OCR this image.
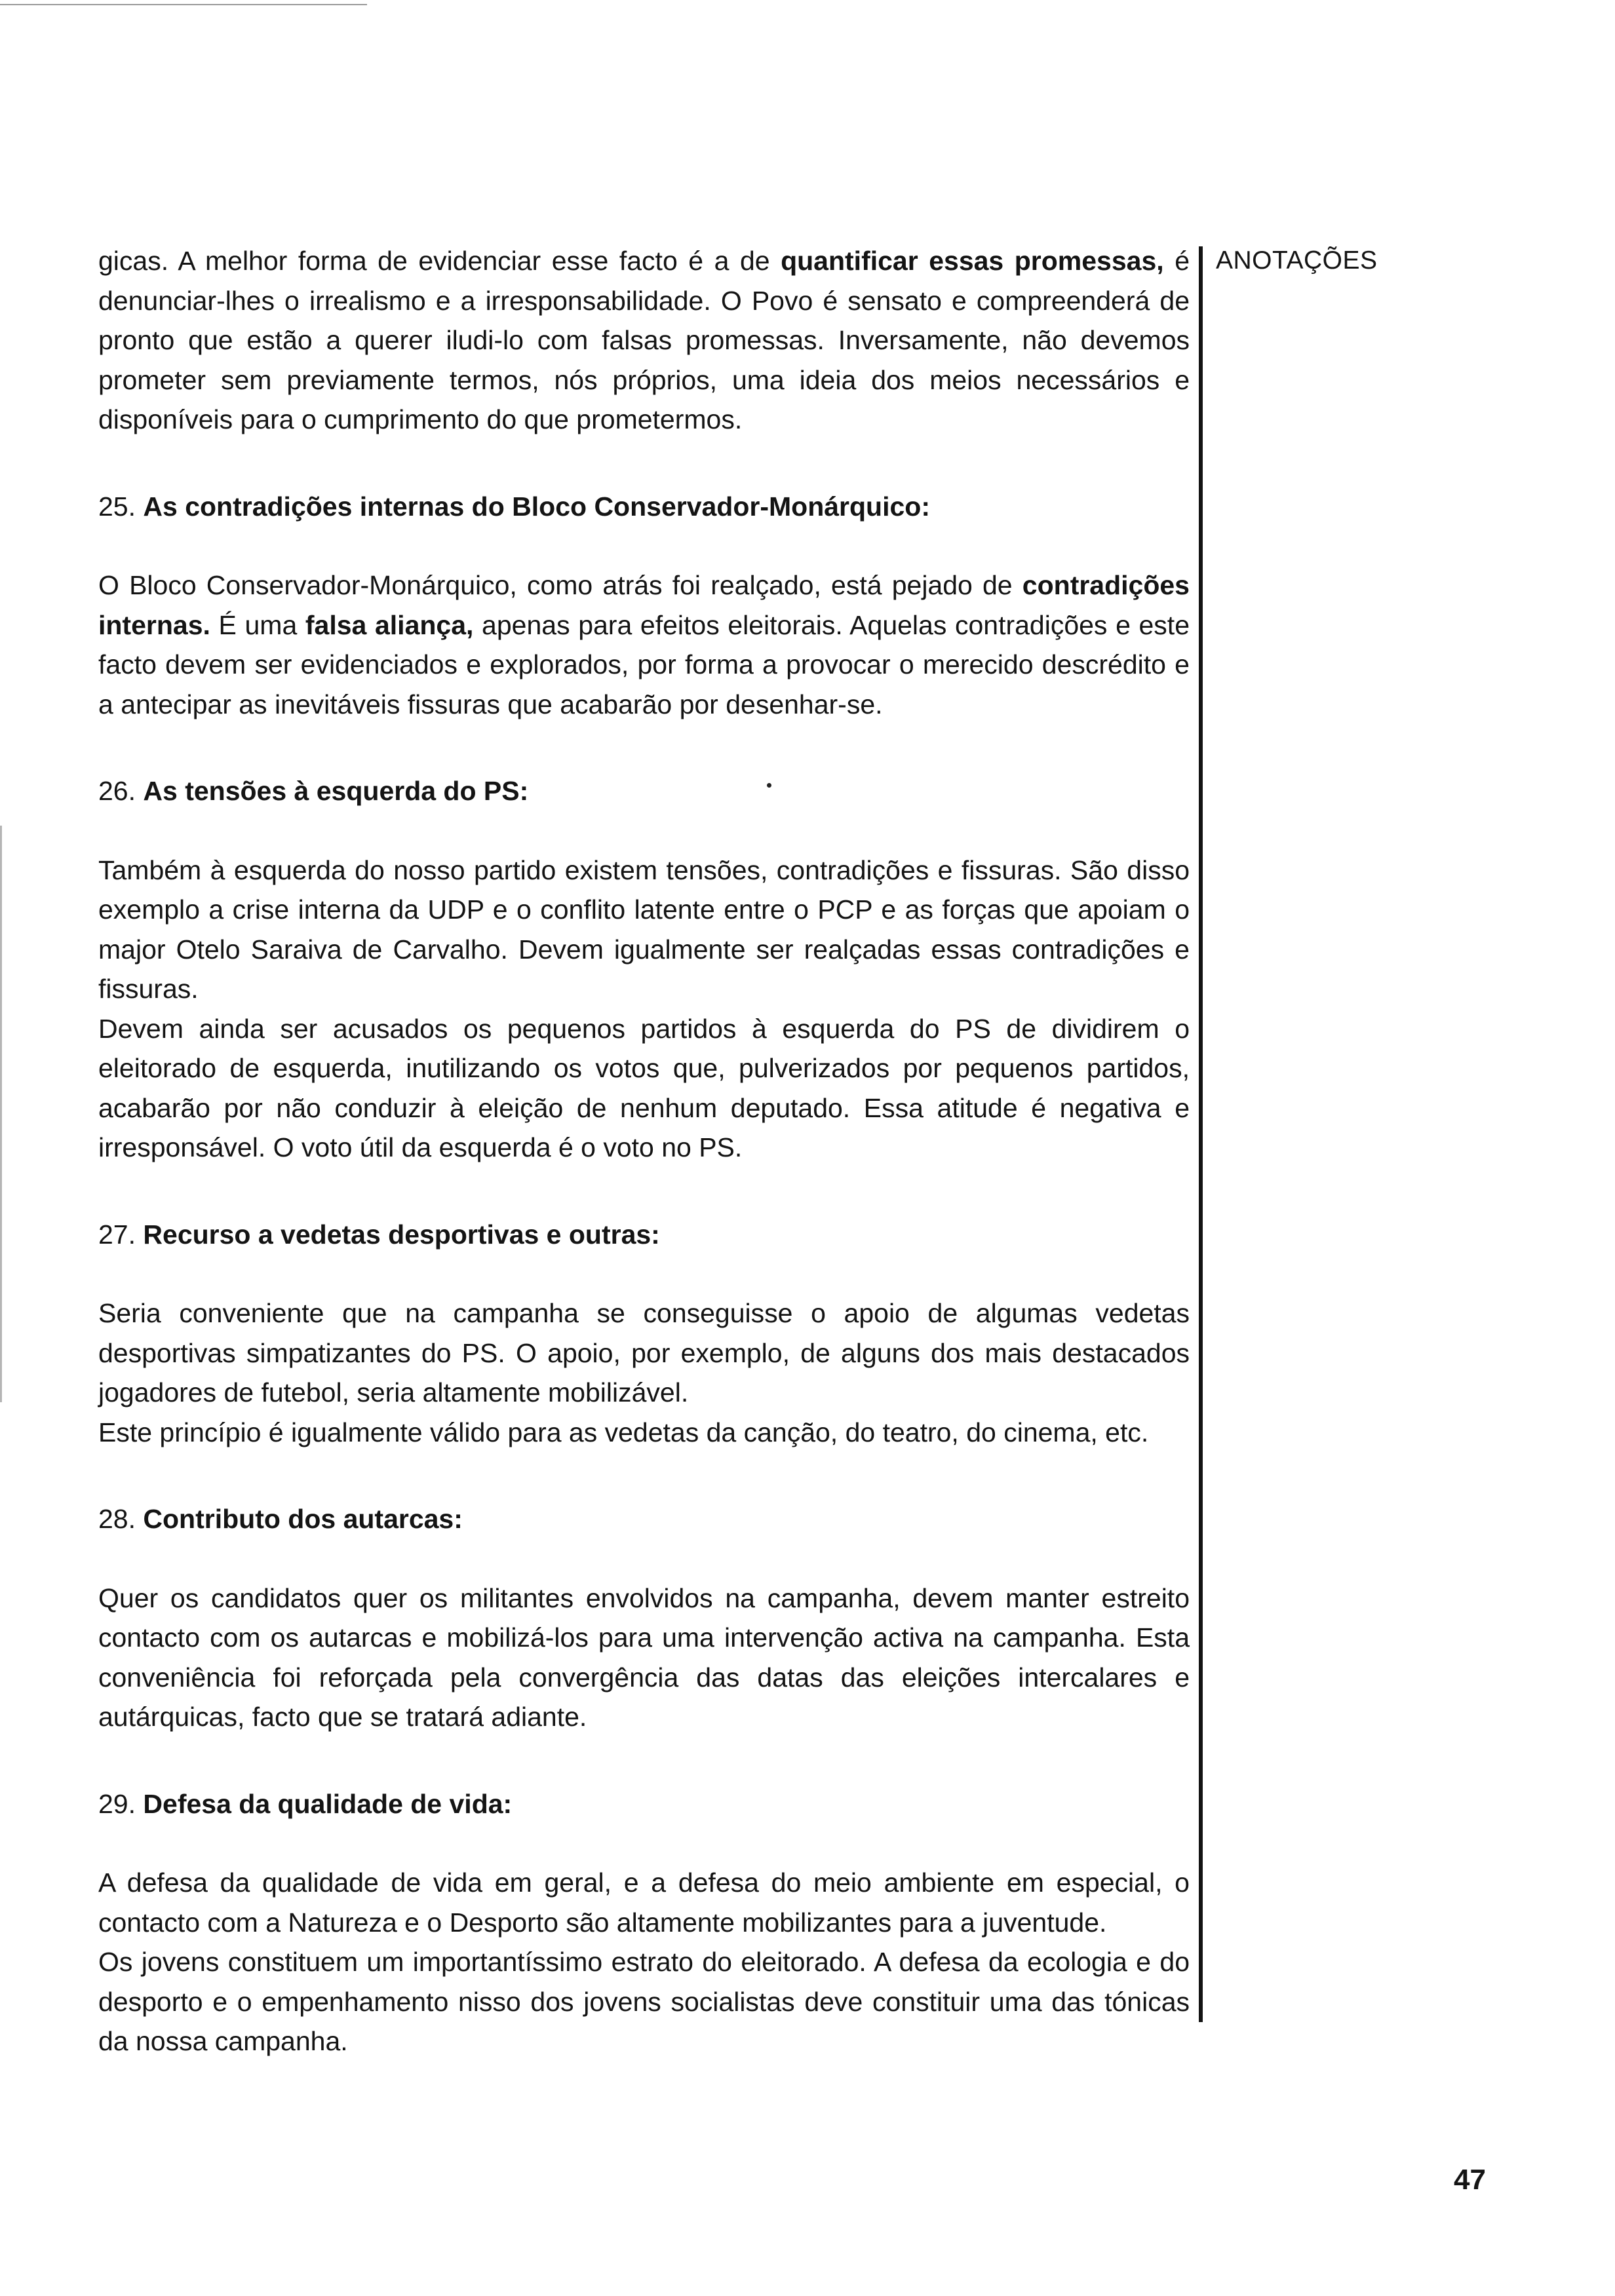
gicas. A melhor forma de evidenciar esse facto é a de quantificar essas promessas, é denunciar-lhes o irrealismo e a irresponsabilidade. O Povo é sensato e compreenderá de pronto que estão a querer iludi-lo com falsas promessas. Inversamente, não devemos prometer sem previamente termos, nós próprios, uma ideia dos meios necessários e disponíveis para o cumprimento do que prometermos.

25. As contradições internas do Bloco Conservador-Monárquico:

O Bloco Conservador-Monárquico, como atrás foi realçado, está pejado de contradições internas. É uma falsa aliança, apenas para efeitos eleitorais. Aquelas contradições e este facto devem ser evidenciados e explorados, por forma a provocar o merecido descrédito e a antecipar as inevitáveis fissuras que acabarão por desenhar-se.

26. As tensões à esquerda do PS:

Também à esquerda do nosso partido existem tensões, contradições e fissuras. São disso exemplo a crise interna da UDP e o conflito latente entre o PCP e as forças que apoiam o major Otelo Saraiva de Carvalho. Devem igualmente ser realçadas essas contradições e fissuras.

Devem ainda ser acusados os pequenos partidos à esquerda do PS de dividirem o eleitorado de esquerda, inutilizando os votos que, pulverizados por pequenos partidos, acabarão por não conduzir à eleição de nenhum deputado. Essa atitude é negativa e irresponsável. O voto útil da esquerda é o voto no PS.

27. Recurso a vedetas desportivas e outras:

Seria conveniente que na campanha se conseguisse o apoio de algumas vedetas desportivas simpatizantes do PS. O apoio, por exemplo, de alguns dos mais destacados jogadores de futebol, seria altamente mobilizável.

Este princípio é igualmente válido para as vedetas da canção, do teatro, do cinema, etc.

28. Contributo dos autarcas:

Quer os candidatos quer os militantes envolvidos na campanha, devem manter estreito contacto com os autarcas e mobilizá-los para uma intervenção activa na campanha. Esta conveniência foi reforçada pela convergência das datas das eleições intercalares e autárquicas, facto que se tratará adiante.

29. Defesa da qualidade de vida:

A defesa da qualidade de vida em geral, e a defesa do meio ambiente em especial, o contacto com a Natureza e o Desporto são altamente mobilizantes para a juventude.

Os jovens constituem um importantíssimo estrato do eleitorado. A defesa da ecologia e do desporto e o empenhamento nisso dos jovens socialistas deve constituir uma das tónicas da nossa campanha.

ANOTAÇÕES
47
